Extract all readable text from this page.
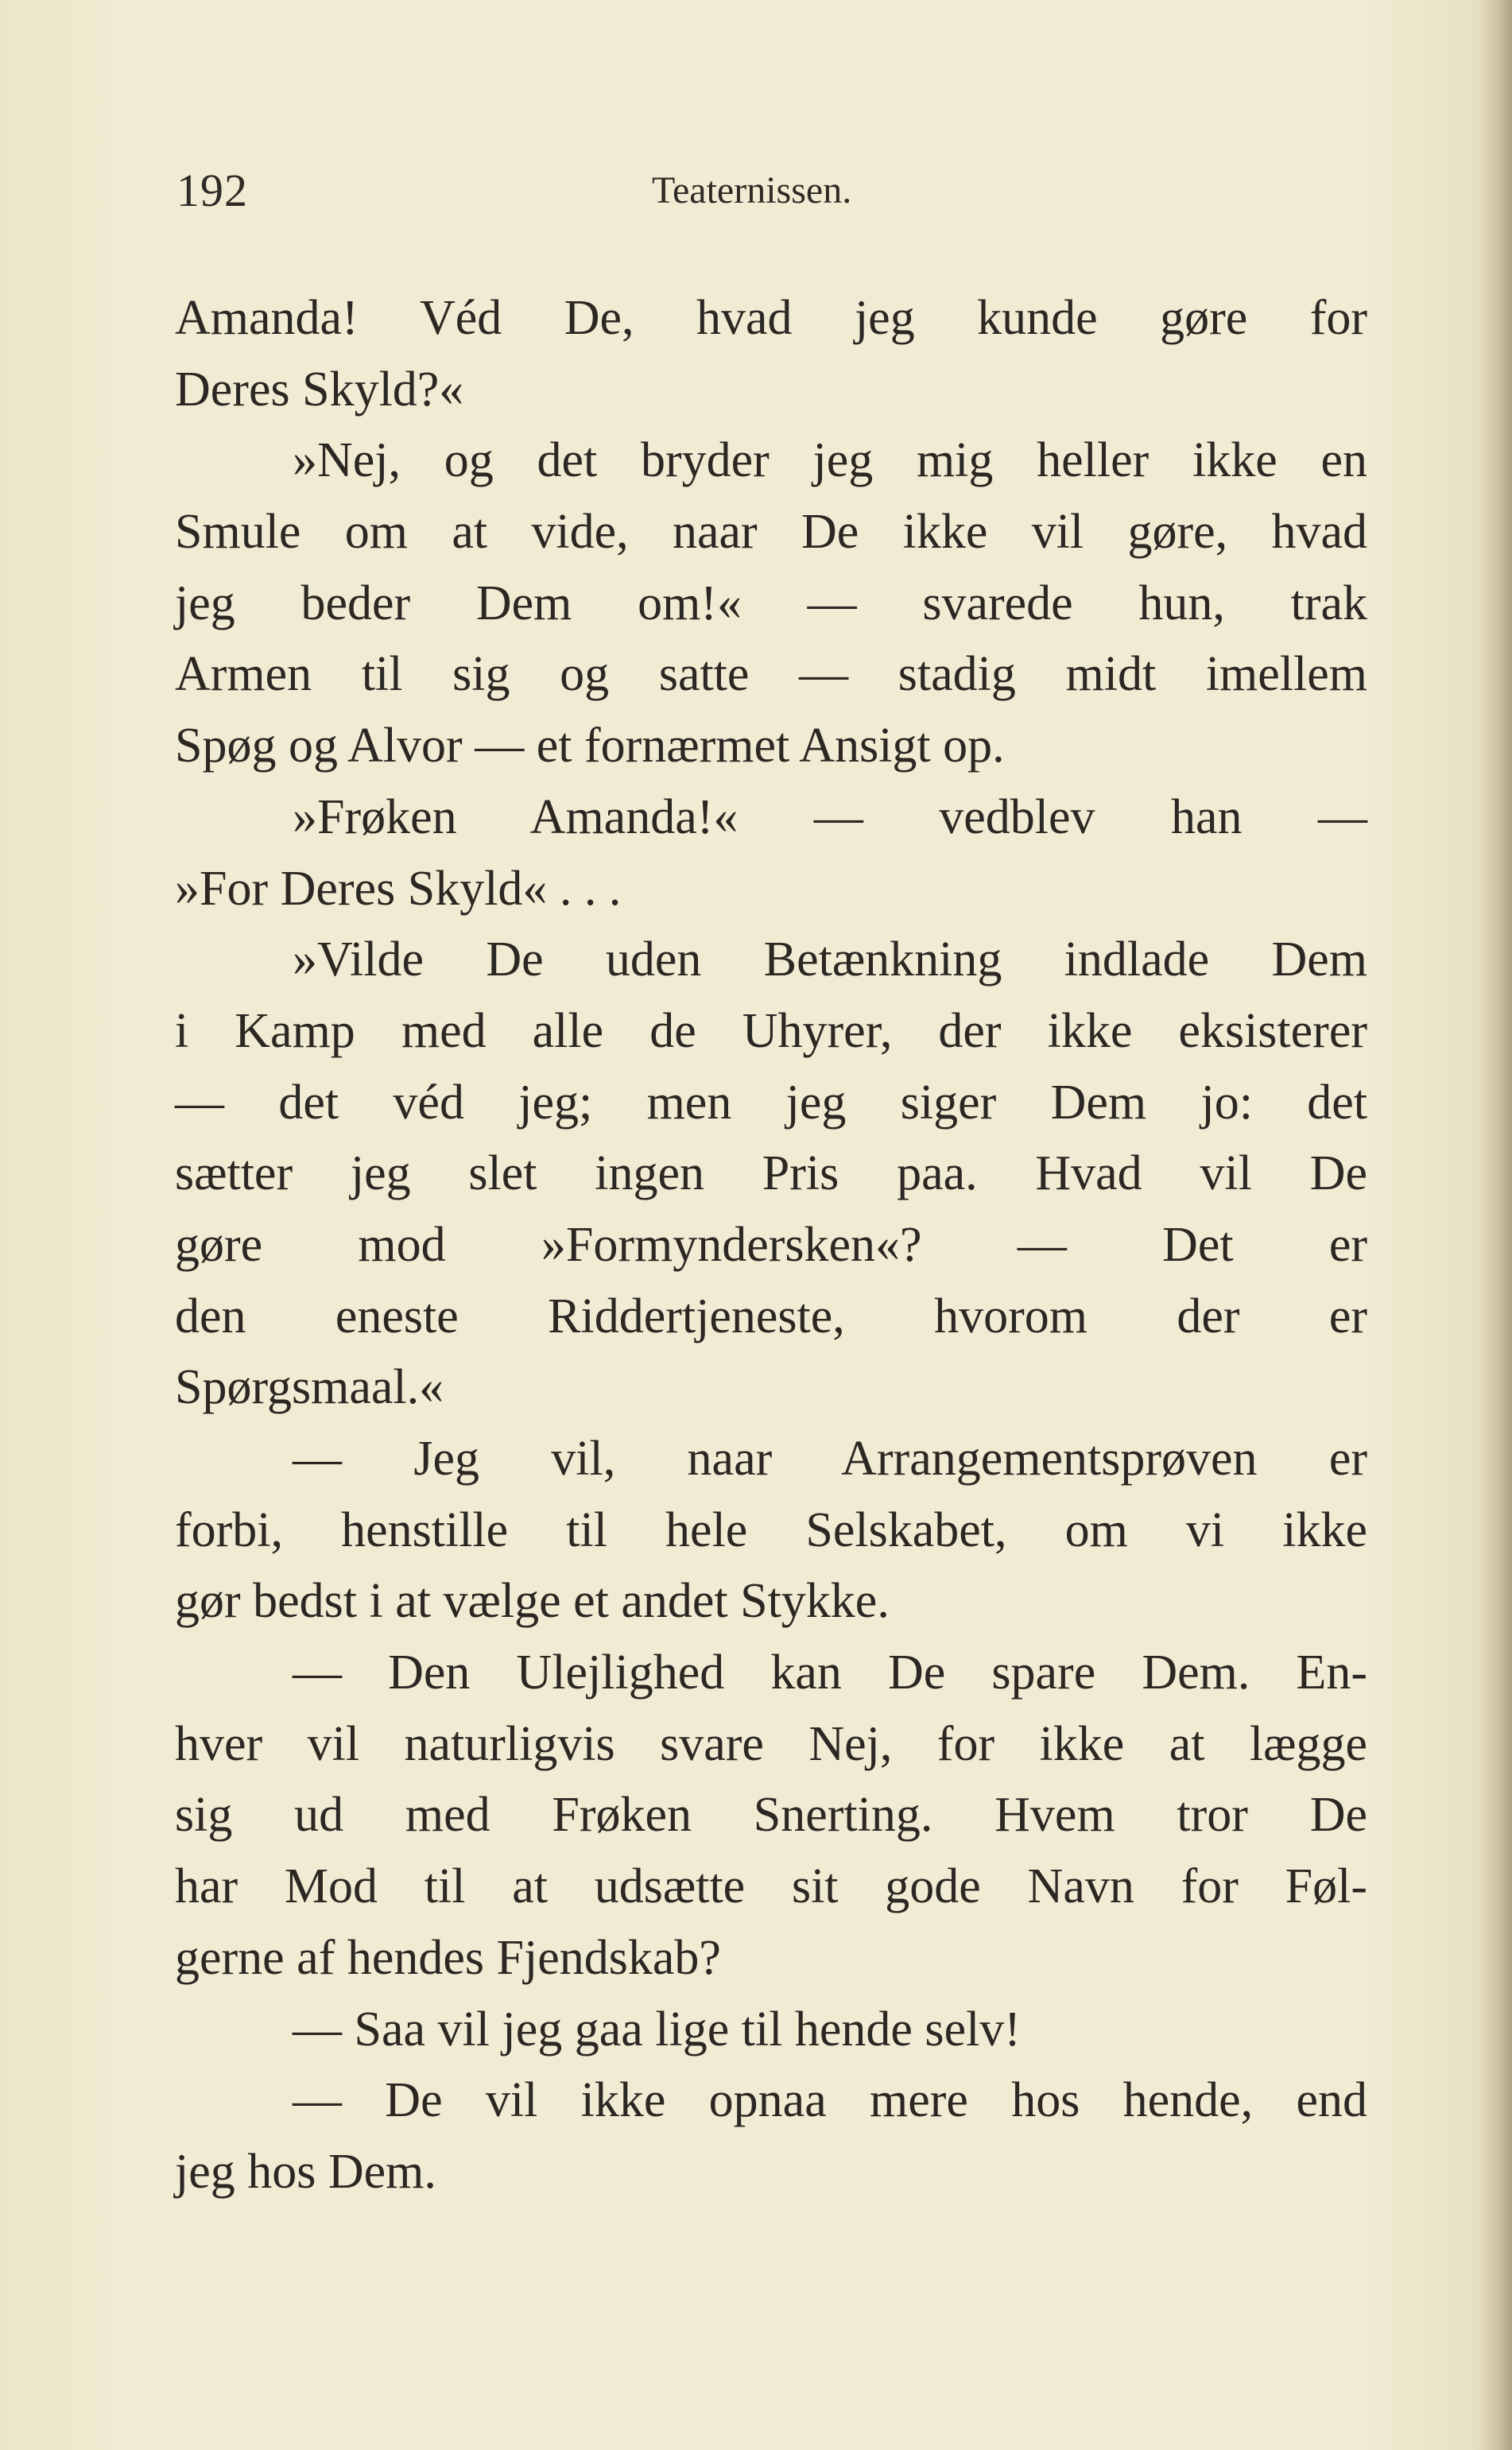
192	Teaternissen.
Amanda! Véd De, hvad jeg kunde gøre for
Deres Skyld?«
»Nej, og det bryder jeg mig heller ikke en
Smule om at vide, naar De ikke vil gøre, hvad
jeg beder Dem om!« — svarede hun, trak
Armen til sig og satte — stadig midt imellem
Spøg og Alvor — et fornærmet Ansigt op.
»Frøken Amanda!« — vedblev han —
»For Deres Skyld« . . .
»Vilde De uden Betænkning indlade Dem
i Kamp med alle de Uhyrer, der ikke eksisterer
— det véd jeg; men jeg siger Dem jo: det
sætter jeg slet ingen Pris paa. Hvad vil De
gøre mod »Formyndersken«? — Det er
den eneste Riddertjeneste, hvorom der er
Spørgsmaal.«
— Jeg vil, naar Arrangementsprøven er
forbi, henstille til hele Selskabet, om vi ikke
gør bedst i at vælge et andet Stykke.
— Den Ulejlighed kan De spare Dem. En-
hver vil naturligvis svare Nej, for ikke at lægge
sig ud med Frøken Snerting. Hvem tror De
har Mod til at udsætte sit gode Navn for Føl-
gerne af hendes Fjendskab?
— Saa vil jeg gaa lige til hende selv!
— De vil ikke opnaa mere hos hende, end
jeg hos Dem.
